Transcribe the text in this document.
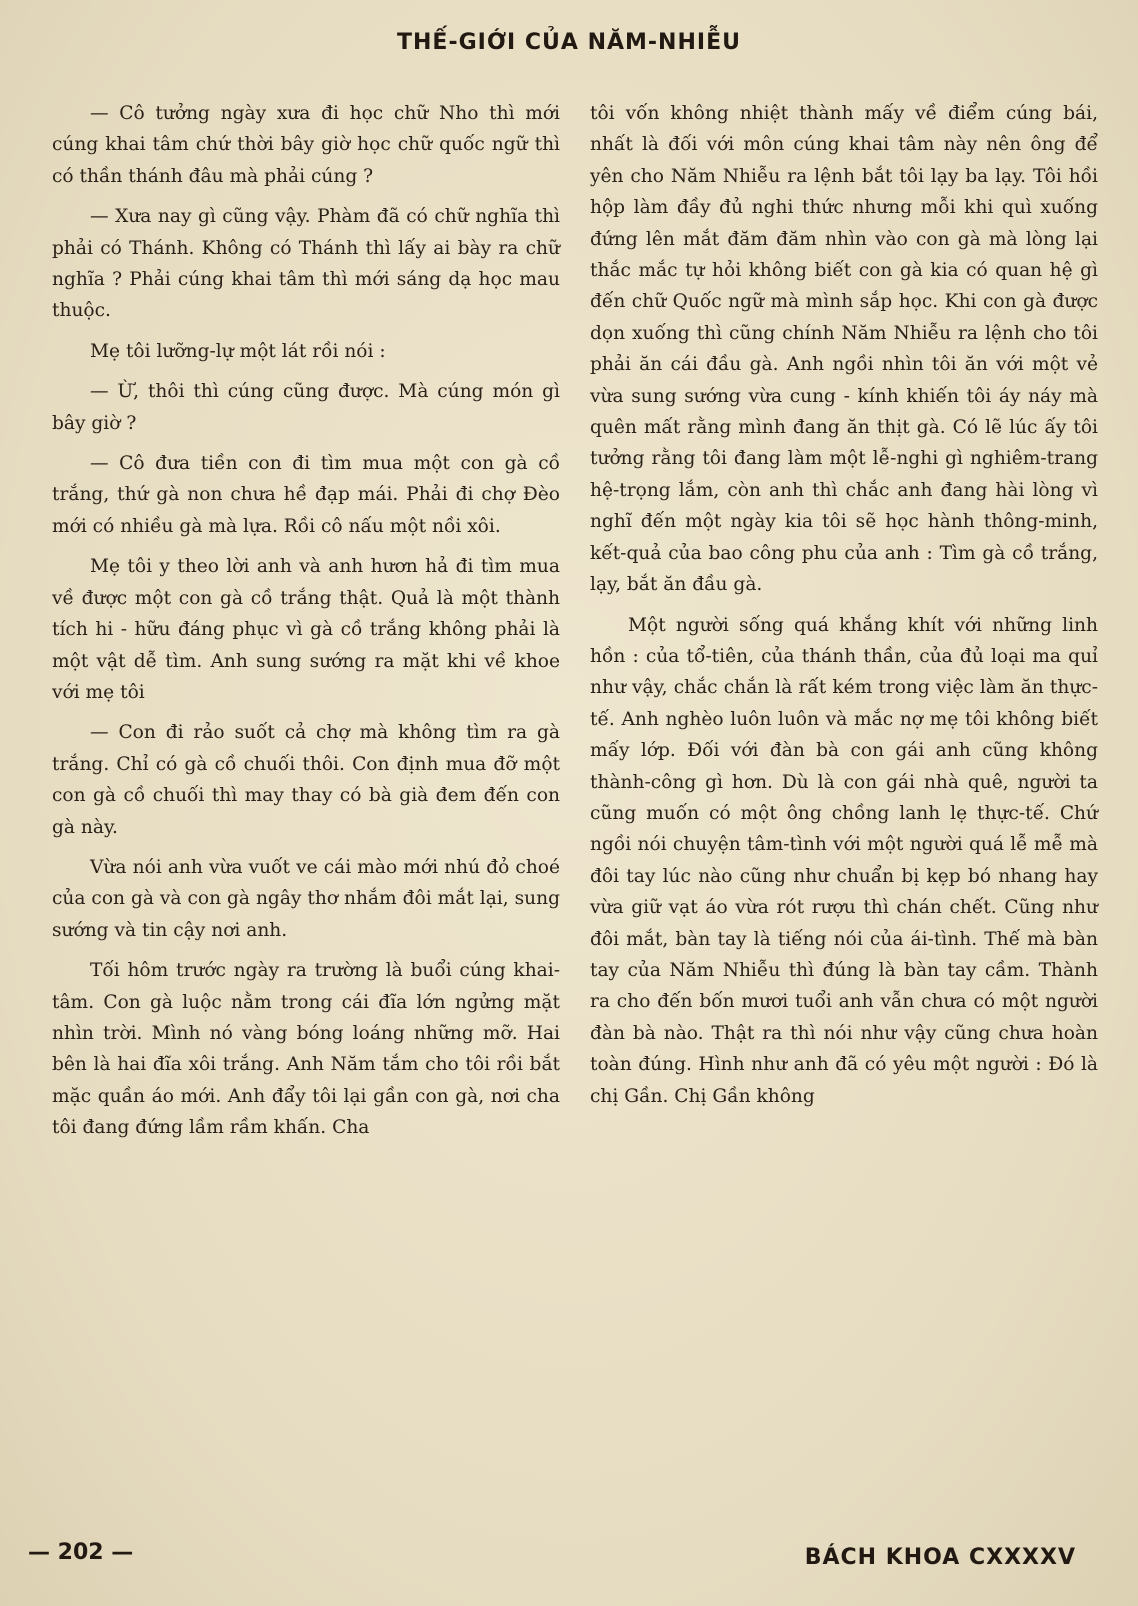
THẾ-GIỚI CỦA NĂM-NHIỄU

— Cô tưởng ngày xưa đi học chữ Nho thì mới cúng khai tâm chứ thời bây giờ học chữ quốc ngữ thì có thần thánh đâu mà phải cúng ?

— Xưa nay gì cũng vậy. Phàm đã có chữ nghĩa thì phải có Thánh. Không có Thánh thì lấy ai bày ra chữ nghĩa ? Phải cúng khai tâm thì mới sáng dạ học mau thuộc.

Mẹ tôi lưỡng-lự một lát rồi nói :

— Ừ, thôi thì cúng cũng được. Mà cúng món gì bây giờ ?

— Cô đưa tiền con đi tìm mua một con gà cồ trắng, thứ gà non chưa hề đạp mái. Phải đi chợ Đèo mới có nhiều gà mà lựa. Rồi cô nấu một nồi xôi.

Mẹ tôi y theo lời anh và anh hươn hả đi tìm mua về được một con gà cồ trắng thật. Quả là một thành tích hi - hữu đáng phục vì gà cồ trắng không phải là một vật dễ tìm. Anh sung sướng ra mặt khi về khoe với mẹ tôi

— Con đi rảo suốt cả chợ mà không tìm ra gà trắng. Chỉ có gà cồ chuối thôi. Con định mua đỡ một con gà cồ chuối thì may thay có bà già đem đến con gà này.

Vừa nói anh vừa vuốt ve cái mào mới nhú đỏ choé của con gà và con gà ngây thơ nhắm đôi mắt lại, sung sướng và tin cậy nơi anh.

Tối hôm trước ngày ra trường là buổi cúng khai-tâm. Con gà luộc nằm trong cái đĩa lớn ngửng mặt nhìn trời. Mình nó vàng bóng loáng những mỡ. Hai bên là hai đĩa xôi trắng. Anh Năm tắm cho tôi rồi bắt mặc quần áo mới. Anh đẩy tôi lại gần con gà, nơi cha tôi đang đứng lầm rầm khấn. Cha

tôi vốn không nhiệt thành mấy về điểm cúng bái, nhất là đối với môn cúng khai tâm này nên ông để yên cho Năm Nhiễu ra lệnh bắt tôi lạy ba lạy. Tôi hồi hộp làm đầy đủ nghi thức nhưng mỗi khi quì xuống đứng lên mắt đăm đăm nhìn vào con gà mà lòng lại thắc mắc tự hỏi không biết con gà kia có quan hệ gì đến chữ Quốc ngữ mà mình sắp học. Khi con gà được dọn xuống thì cũng chính Năm Nhiễu ra lệnh cho tôi phải ăn cái đầu gà. Anh ngồi nhìn tôi ăn với một vẻ vừa sung sướng vừa cung - kính khiến tôi áy náy mà quên mất rằng mình đang ăn thịt gà. Có lẽ lúc ấy tôi tưởng rằng tôi đang làm một lễ-nghi gì nghiêm-trang hệ-trọng lắm, còn anh thì chắc anh đang hài lòng vì nghĩ đến một ngày kia tôi sẽ học hành thông-minh, kết-quả của bao công phu của anh : Tìm gà cồ trắng, lạy, bắt ăn đầu gà.

Một người sống quá khắng khít với những linh hồn : của tổ-tiên, của thánh thần, của đủ loại ma quỉ như vậy, chắc chắn là rất kém trong việc làm ăn thực-tế. Anh nghèo luôn luôn và mắc nợ mẹ tôi không biết mấy lớp. Đối với đàn bà con gái anh cũng không thành-công gì hơn. Dù là con gái nhà quê, người ta cũng muốn có một ông chồng lanh lẹ thực-tế. Chứ ngồi nói chuyện tâm-tình với một người quá lễ mễ mà đôi tay lúc nào cũng như chuẩn bị kẹp bó nhang hay vừa giữ vạt áo vừa rót rượu thì chán chết. Cũng như đôi mắt, bàn tay là tiếng nói của ái-tình. Thế mà bàn tay của Năm Nhiễu thì đúng là bàn tay cầm. Thành ra cho đến bốn mươi tuổi anh vẫn chưa có một người đàn bà nào. Thật ra thì nói như vậy cũng chưa hoàn toàn đúng. Hình như anh đã có yêu một người : Đó là chị Gần. Chị Gần không

— 202 —	BÁCH KHOA CXXXXV
